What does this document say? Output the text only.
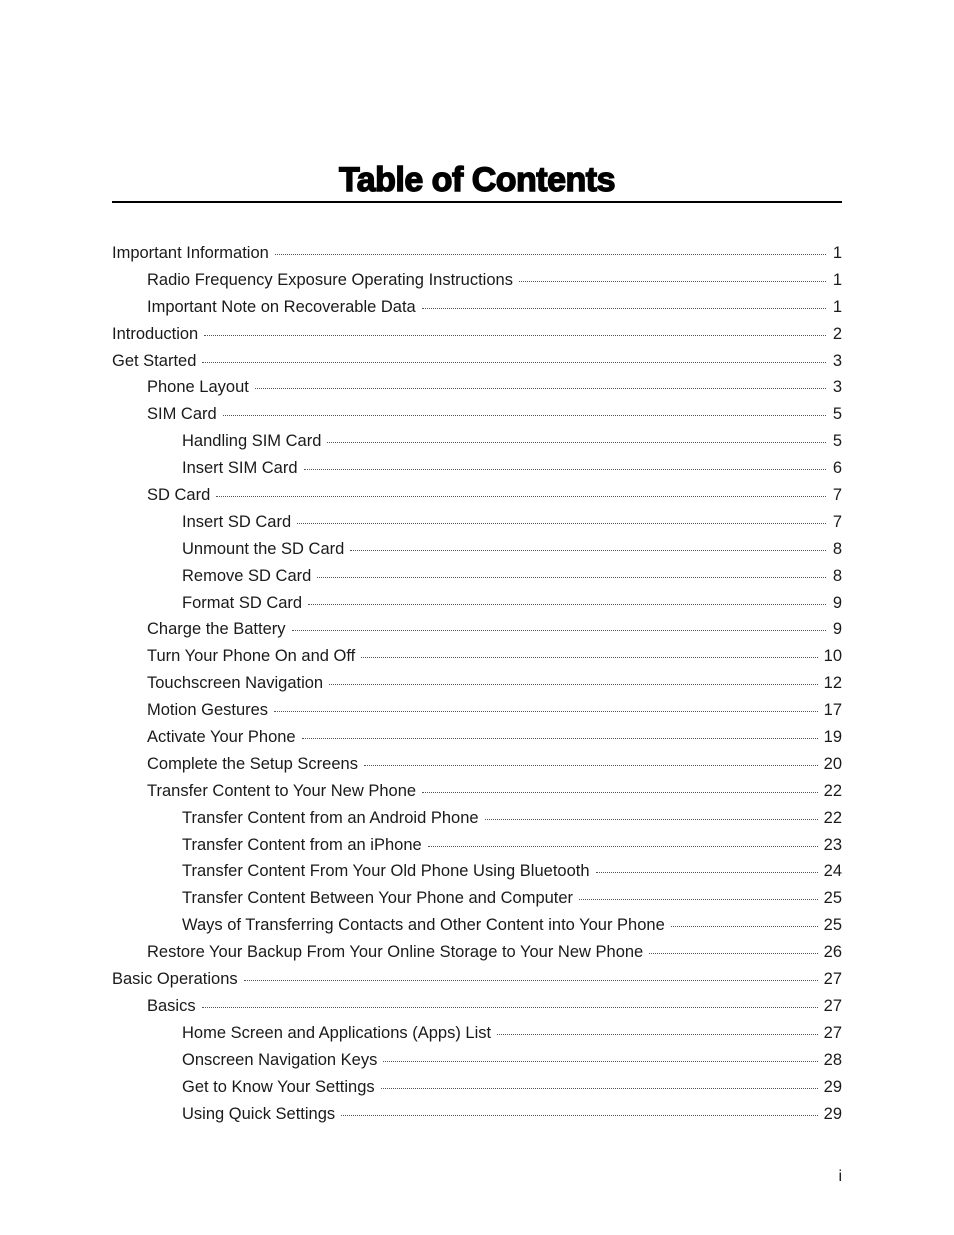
Table of Contents
Important Information	1
Radio Frequency Exposure Operating Instructions	1
Important Note on Recoverable Data	1
Introduction	2
Get Started	3
Phone Layout	3
SIM Card	5
Handling SIM Card	5
Insert SIM Card	6
SD Card	7
Insert SD Card	7
Unmount the SD Card	8
Remove SD Card	8
Format SD Card	9
Charge the Battery	9
Turn Your Phone On and Off	10
Touchscreen Navigation	12
Motion Gestures	17
Activate Your Phone	19
Complete the Setup Screens	20
Transfer Content to Your New Phone	22
Transfer Content from an Android Phone	22
Transfer Content from an iPhone	23
Transfer Content From Your Old Phone Using Bluetooth	24
Transfer Content Between Your Phone and Computer	25
Ways of Transferring Contacts and Other Content into Your Phone	25
Restore Your Backup From Your Online Storage to Your New Phone	26
Basic Operations	27
Basics	27
Home Screen and Applications (Apps) List	27
Onscreen Navigation Keys	28
Get to Know Your Settings	29
Using Quick Settings	29
i
